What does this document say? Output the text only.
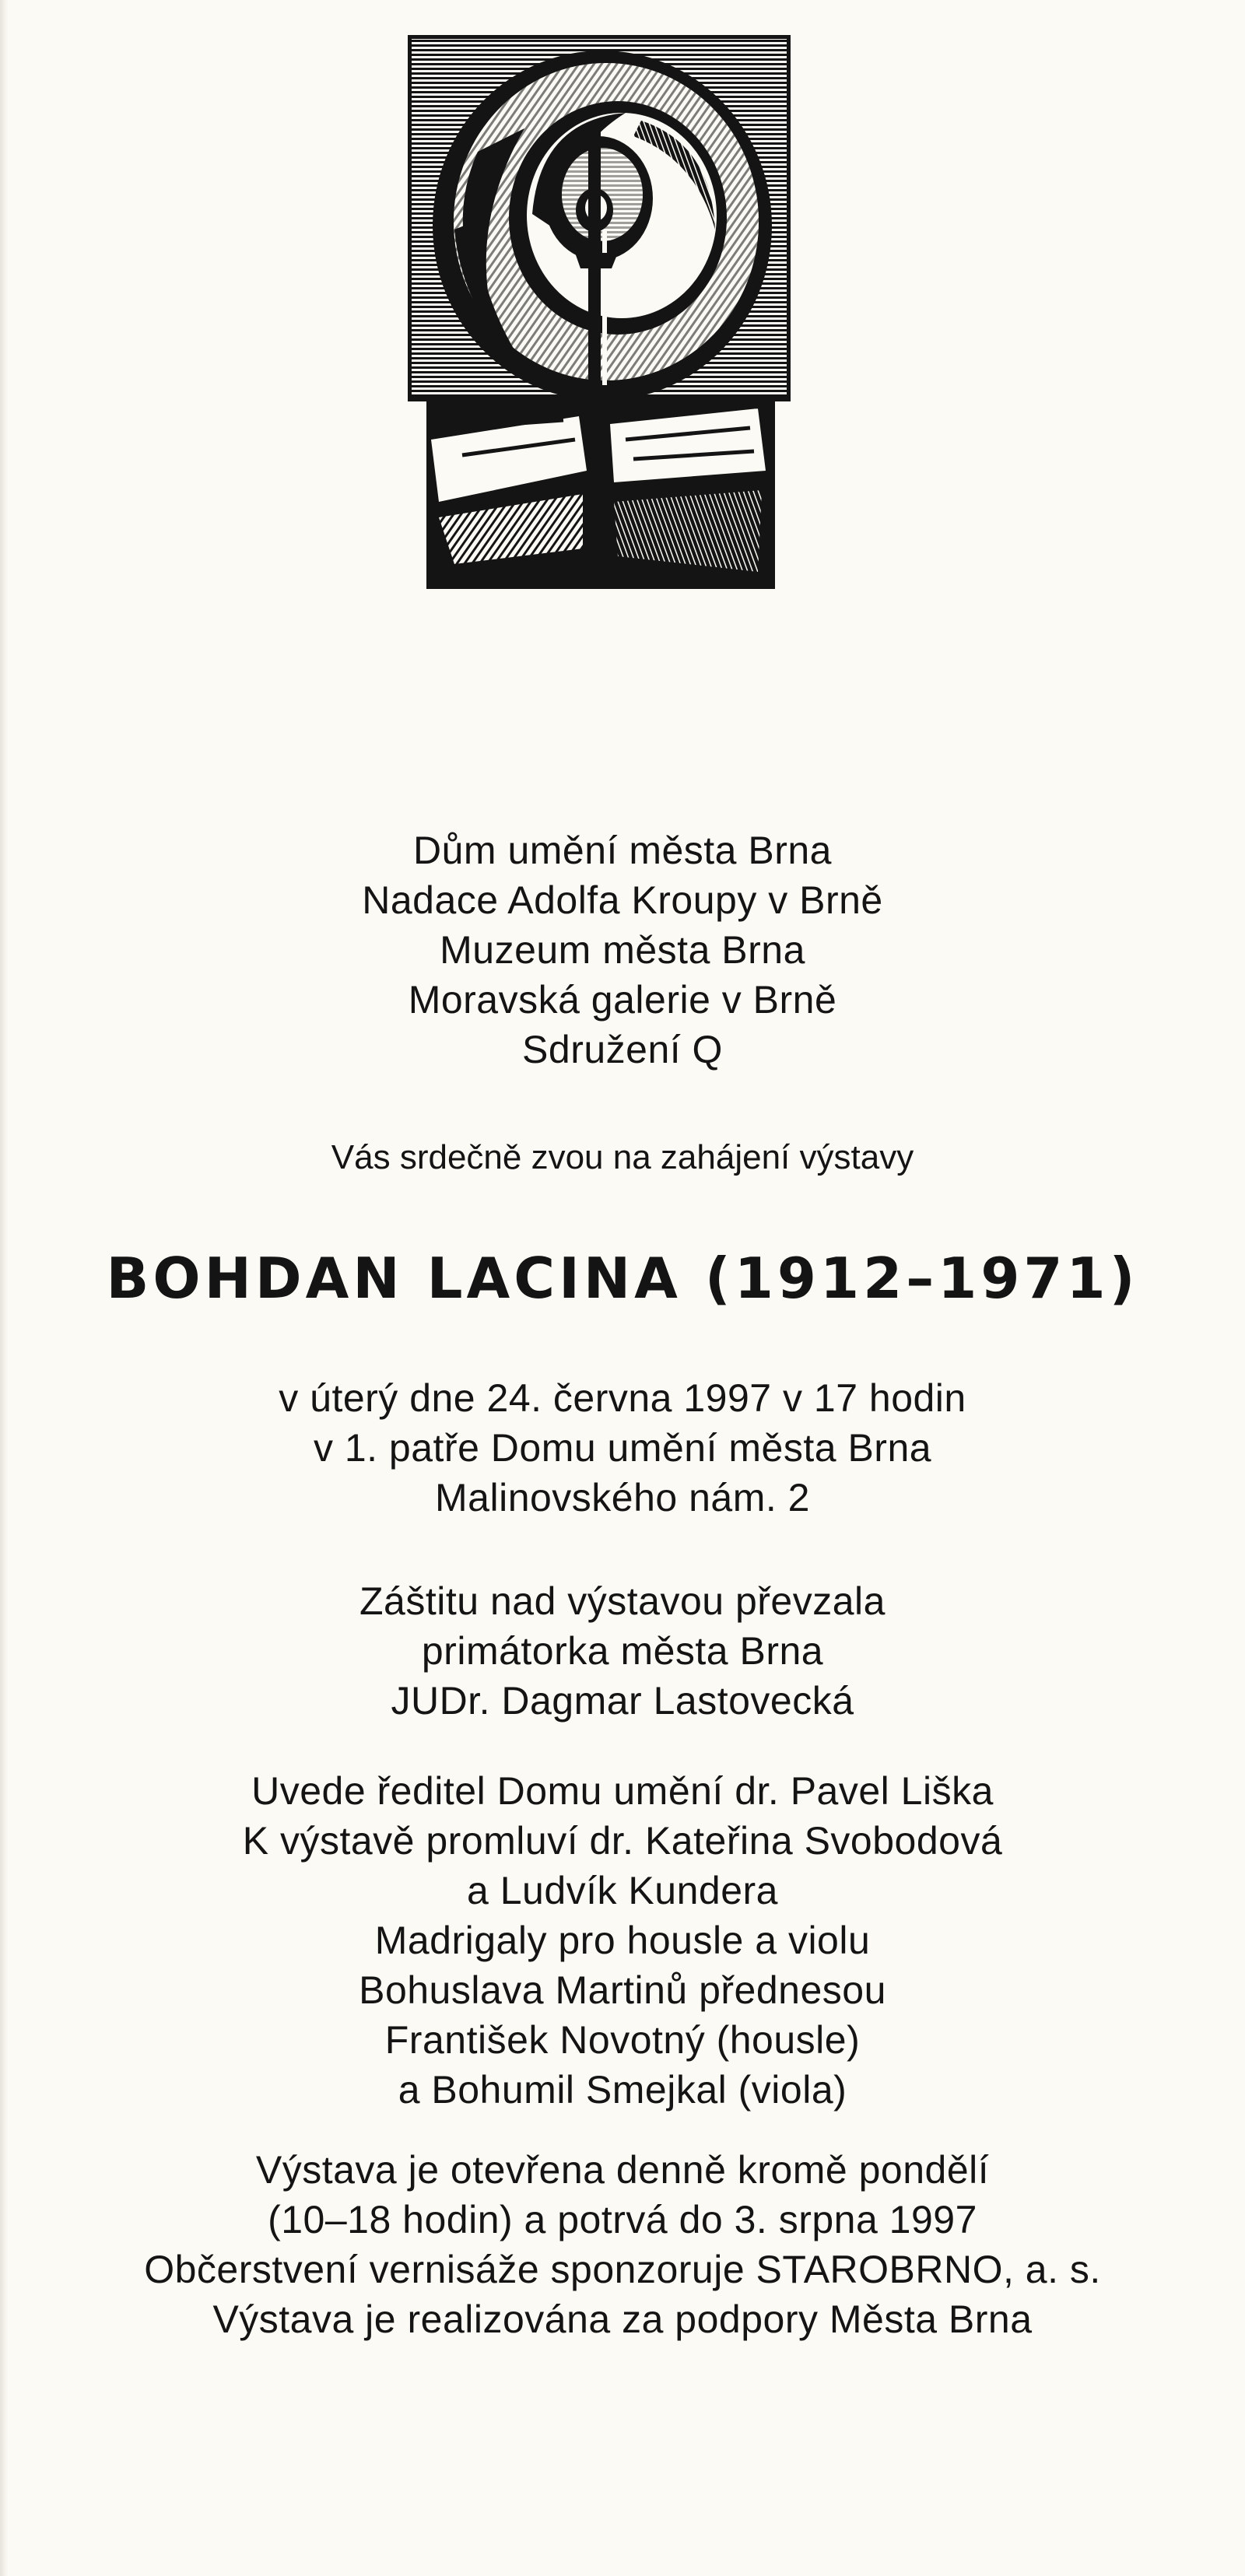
Dům umění města Brna
Nadace Adolfa Kroupy v Brně
Muzeum města Brna
Moravská galerie v Brně
Sdružení Q
Vás srdečně zvou na zahájení výstavy
BOHDAN LACINA (1912–1971)
v úterý dne 24. června 1997 v 17 hodin
v 1. patře Domu umění města Brna
Malinovského nám. 2
Záštitu nad výstavou převzala
primátorka města Brna
JUDr. Dagmar Lastovecká
Uvede ředitel Domu umění dr. Pavel Liška
K výstavě promluví dr. Kateřina Svobodová
a Ludvík Kundera
Madrigaly pro housle a violu
Bohuslava Martinů přednesou
František Novotný (housle)
a Bohumil Smejkal (viola)
Výstava je otevřena denně kromě pondělí
(10–18 hodin) a potrvá do 3. srpna 1997
Občerstvení vernisáže sponzoruje STAROBRNO, a. s.
Výstava je realizována za podpory Města Brna
